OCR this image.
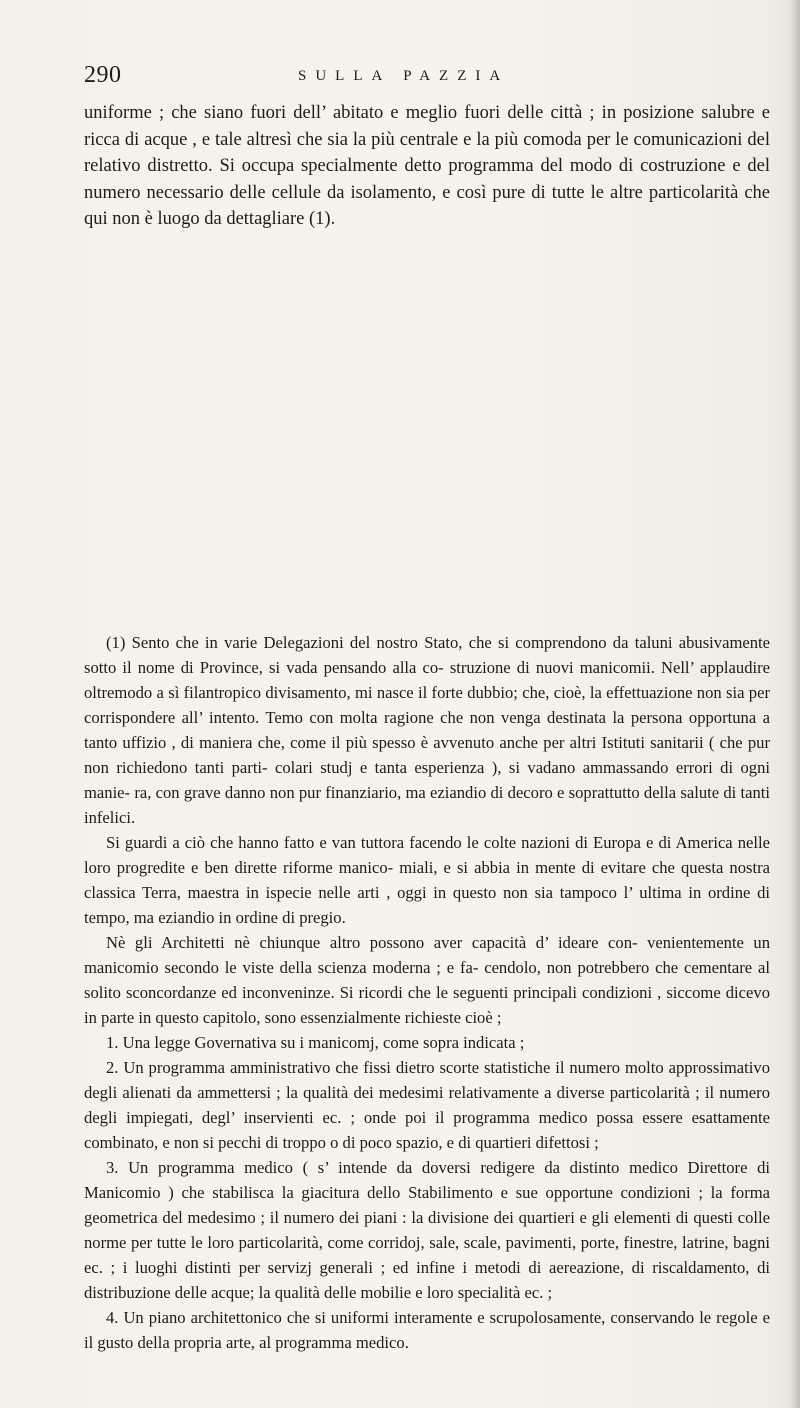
290	SULLA PAZZIA

uniforme ; che siano fuori dell’ abitato e meglio fuori delle città ; in posizione salubre e ricca di acque , e tale altresì che sia la più centrale e la più comoda per le comunicazioni del relativo distretto. Si occupa specialmente detto programma del modo di costruzione e del numero necessario delle cellule da isolamento, e così pure di tutte le altre particolarità che qui non è luogo da dettagliare (1).

(1) Sento che in varie Delegazioni del nostro Stato, che si comprendono da taluni abusivamente sotto il nome di Province, si vada pensando alla co- struzione di nuovi manicomii. Nell’ applaudire oltremodo a sì filantropico divisamento, mi nasce il forte dubbio; che, cioè, la effettuazione non sia per corrispondere all’ intento. Temo con molta ragione che non venga destinata la persona opportuna a tanto uffizio , di maniera che, come il più spesso è avvenuto anche per altri Istituti sanitarii ( che pur non richiedono tanti parti- colari studj e tanta esperienza ), si vadano ammassando errori di ogni manie- ra, con grave danno non pur finanziario, ma eziandio di decoro e soprattutto della salute di tanti infelici.

Si guardi a ciò che hanno fatto e van tuttora facendo le colte nazioni di Europa e di America nelle loro progredite e ben dirette riforme manico- miali, e si abbia in mente di evitare che questa nostra classica Terra, maestra in ispecie nelle arti , oggi in questo non sia tampoco l’ ultima in ordine di tempo, ma eziandio in ordine di pregio.

Nè gli Architetti nè chiunque altro possono aver capacità d’ ideare con- venientemente un manicomio secondo le viste della scienza moderna ; e fa- cendolo, non potrebbero che cementare al solito sconcordanze ed inconveninze. Si ricordi che le seguenti principali condizioni , siccome dicevo in parte in questo capitolo, sono essenzialmente richieste cioè ;

1. Una legge Governativa su i manicomj, come sopra indicata ;

2. Un programma amministrativo che fissi dietro scorte statistiche il numero molto approssimativo degli alienati da ammettersi ; la qualità dei medesimi relativamente a diverse particolarità ; il numero degli impiegati, degl’ inservienti ec. ; onde poi il programma medico possa essere esattamente combinato, e non si pecchi di troppo o di poco spazio, e di quartieri difettosi ;

3. Un programma medico ( s’ intende da doversi redigere da distinto medico Direttore di Manicomio ) che stabilisca la giacitura dello Stabilimento e sue opportune condizioni ; la forma geometrica del medesimo ; il numero dei piani : la divisione dei quartieri e gli elementi di questi colle norme per tutte le loro particolarità, come corridoj, sale, scale, pavimenti, porte, finestre, latrine, bagni ec. ; i luoghi distinti per servizj generali ; ed infine i metodi di aereazione, di riscaldamento, di distribuzione delle acque; la qualità delle mobilie e loro specialità ec. ;

4. Un piano architettonico che si uniformi interamente e scrupolosamente, conservando le regole e il gusto della propria arte, al programma medico.
